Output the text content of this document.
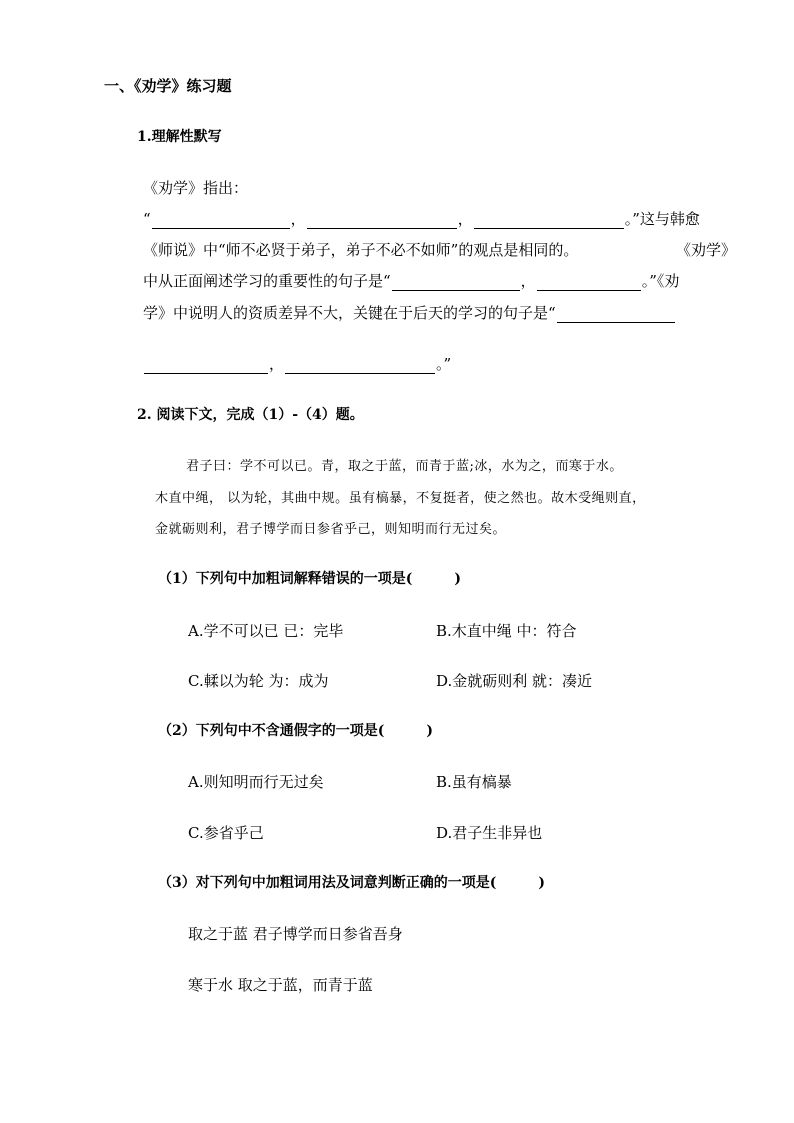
一、《劝学》练习题
1.理解性默写
《劝学》指出：
“	，	，	。”这与韩愈
《师说》中“师不必贤于弟子，弟子不必不如师”的观点是相同的。	《劝学》
中从正面阐述学习的重要性的句子是“	，	。”《劝
学》中说明人的资质差异不大，关键在于后天的学习的句子是“
，	。”
2. 阅读下文，完成（1）-（4）题。
君子曰：学不可以已。青，取之于蓝，而青于蓝;冰，水为之，而寒于水。
木直中绳， 以为轮，其曲中规。虽有槁暴，不复挺者，使之然也。故木受绳则直，
金就砺则利，君子博学而日参省乎己，则知明而行无过矣。
（1）下列句中加粗词解释错误的一项是(　　　)
A.学不可以已 已：完毕	B.木直中绳 中：符合
C.輮以为轮 为：成为	D.金就砺则利 就：凑近
（2）下列句中不含通假字的一项是(　　　)
A.则知明而行无过矣	B.虽有槁暴
C.参省乎己	D.君子生非异也
（3）对下列句中加粗词用法及词意判断正确的一项是(　　　)
取之于蓝 君子博学而日参省吾身
寒于水 取之于蓝，而青于蓝
